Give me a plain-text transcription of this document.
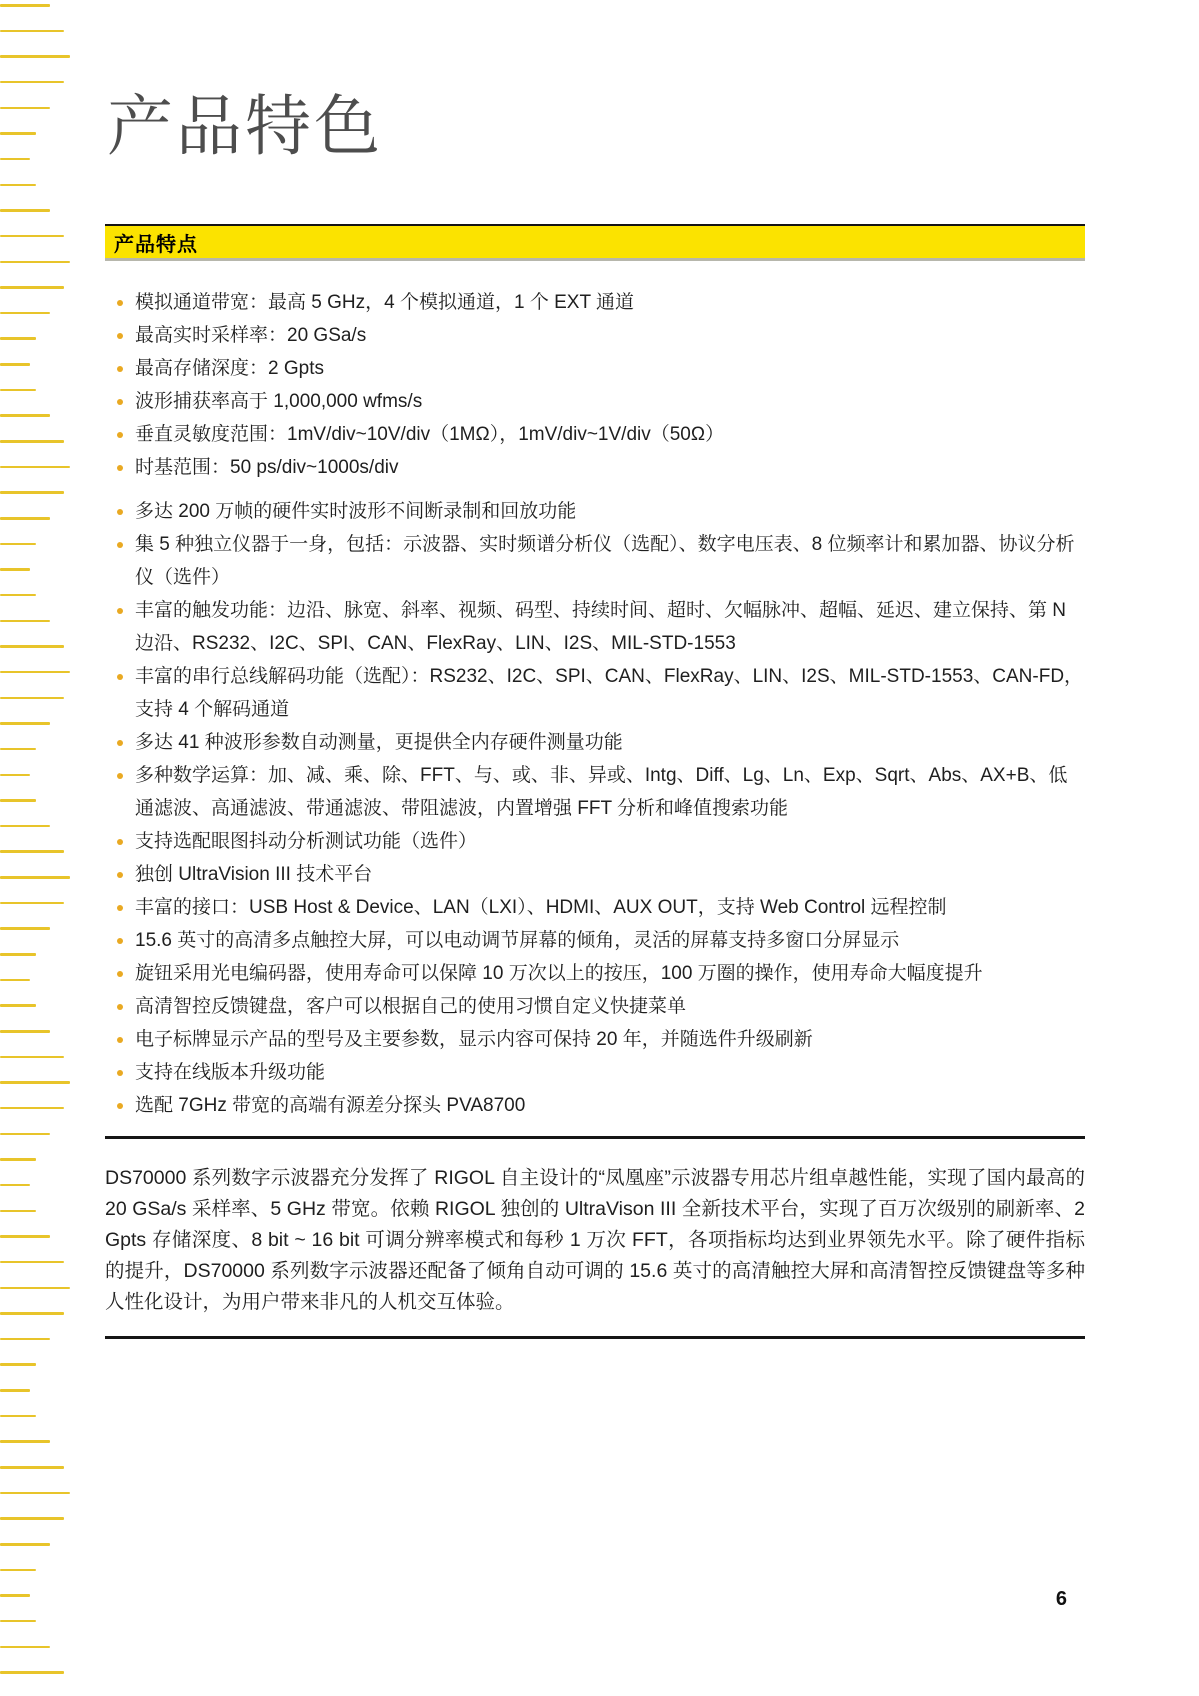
产品特色
产品特点
模拟通道带宽：最高 5 GHz，4 个模拟通道，1 个 EXT 通道
最高实时采样率：20 GSa/s
最高存储深度：2 Gpts
波形捕获率高于 1,000,000 wfms/s
垂直灵敏度范围：1mV/div~10V/div（1MΩ），1mV/div~1V/div（50Ω）
时基范围：50 ps/div~1000s/div
多达 200 万帧的硬件实时波形不间断录制和回放功能
集 5 种独立仪器于一身，包括：示波器、实时频谱分析仪（选配）、数字电压表、8 位频率计和累加器、协议分析仪（选件）
丰富的触发功能：边沿、脉宽、斜率、视频、码型、持续时间、超时、欠幅脉冲、超幅、延迟、建立保持、第 N 边沿、RS232、I2C、SPI、CAN、FlexRay、LIN、I2S、MIL-STD-1553
丰富的串行总线解码功能（选配）：RS232、I2C、SPI、CAN、FlexRay、LIN、I2S、MIL-STD-1553、CAN-FD，支持 4 个解码通道
多达 41 种波形参数自动测量，更提供全内存硬件测量功能
多种数学运算：加、减、乘、除、FFT、与、或、非、异或、Intg、Diff、Lg、Ln、Exp、Sqrt、Abs、AX+B、低通滤波、高通滤波、带通滤波、带阻滤波，内置增强 FFT 分析和峰值搜索功能
支持选配眼图抖动分析测试功能（选件）
独创 UltraVision III 技术平台
丰富的接口：USB Host & Device、LAN（LXI）、HDMI、AUX OUT，支持 Web Control 远程控制
15.6 英寸的高清多点触控大屏，可以电动调节屏幕的倾角，灵活的屏幕支持多窗口分屏显示
旋钮采用光电编码器，使用寿命可以保障 10 万次以上的按压，100 万圈的操作，使用寿命大幅度提升
高清智控反馈键盘，客户可以根据自己的使用习惯自定义快捷菜单
电子标牌显示产品的型号及主要参数，显示内容可保持 20 年，并随选件升级刷新
支持在线版本升级功能
选配 7GHz 带宽的高端有源差分探头 PVA8700

DS70000 系列数字示波器充分发挥了 RIGOL 自主设计的“凤凰座”示波器专用芯片组卓越性能，实现了国内最高的 20 GSa/s 采样率、5 GHz 带宽。依赖 RIGOL 独创的 UltraVison III 全新技术平台，实现了百万次级别的刷新率、2 Gpts 存储深度、8 bit ~ 16 bit 可调分辨率模式和每秒 1 万次 FFT，各项指标均达到业界领先水平。除了硬件指标的提升，DS70000 系列数字示波器还配备了倾角自动可调的 15.6 英寸的高清触控大屏和高清智控反馈键盘等多种人性化设计，为用户带来非凡的人机交互体验。

6
